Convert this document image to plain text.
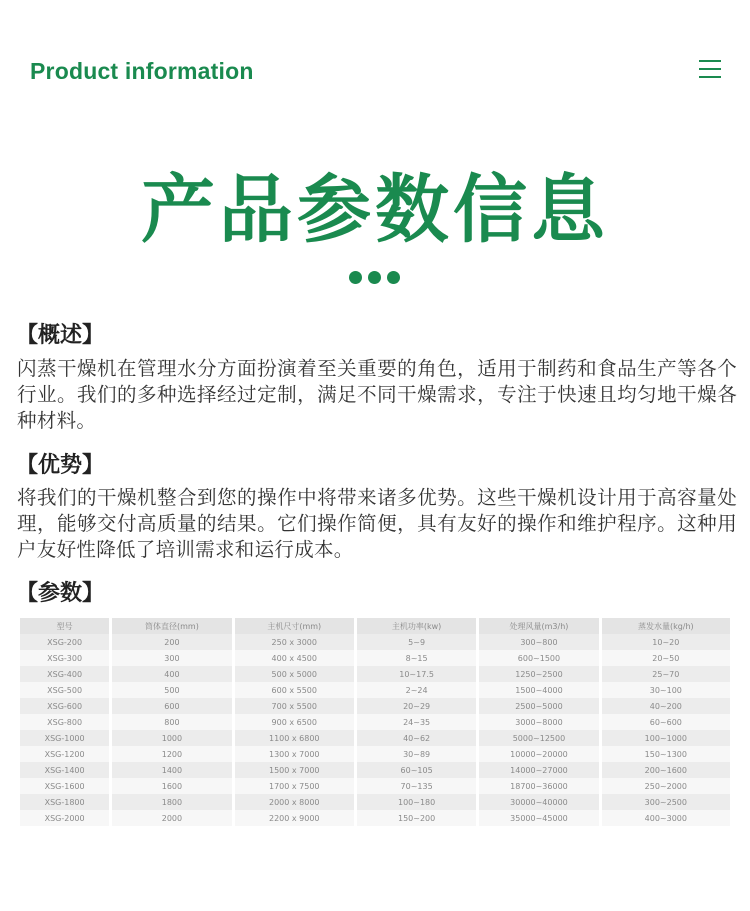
Product information
产品参数信息
【概述】
闪蒸干燥机在管理水分方面扮演着至关重要的角色，适用于制药和食品生产等各个行业。我们的多种选择经过定制，满足不同干燥需求，专注于快速且均匀地干燥各种材料。
【优势】
将我们的干燥机整合到您的操作中将带来诸多优势。这些干燥机设计用于高容量处理，能够交付高质量的结果。它们操作简便，具有友好的操作和维护程序。这种用户友好性降低了培训需求和运行成本。
【参数】
型号	筒体直径(mm)	主机尺寸(mm)	主机功率(kw)	处理风量(m3/h)	蒸发水量(kg/h)
XSG-200	200	250 x 3000	5~9	300~800	10~20
XSG-300	300	400 x 4500	8~15	600~1500	20~50
XSG-400	400	500 x 5000	10~17.5	1250~2500	25~70
XSG-500	500	600 x 5500	2~24	1500~4000	30~100
XSG-600	600	700 x 5500	20~29	2500~5000	40~200
XSG-800	800	900 x 6500	24~35	3000~8000	60~600
XSG-1000	1000	1100 x 6800	40~62	5000~12500	100~1000
XSG-1200	1200	1300 x 7000	30~89	10000~20000	150~1300
XSG-1400	1400	1500 x 7000	60~105	14000~27000	200~1600
XSG-1600	1600	1700 x 7500	70~135	18700~36000	250~2000
XSG-1800	1800	2000 x 8000	100~180	30000~40000	300~2500
XSG-2000	2000	2200 x 9000	150~200	35000~45000	400~3000
